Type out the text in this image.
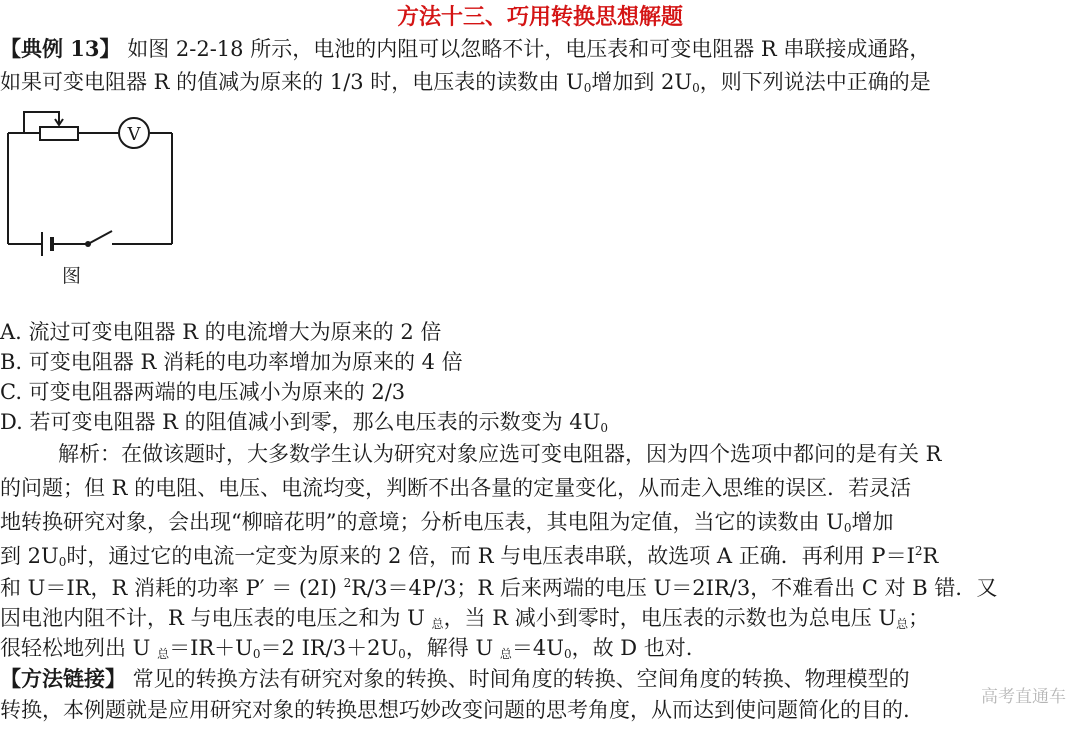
方法十三、巧用转换思想解题
【典例 13】 如图 2-2-18 所示，电池的内阻可以忽略不计，电压表和可变电阻器 R 串联接成通路，
如果可变电阻器 R 的值减为原来的 1/3 时，电压表的读数由 $U_0$增加到 $2U_0$，则下列说法中正确的是
V
图
A. 流过可变电阻器 R 的电流增大为原来的 2 倍
B. 可变电阻器 R 消耗的电功率增加为原来的 4 倍
C. 可变电阻器两端的电压减小为原来的 2/3
D. 若可变电阻器 R 的阻值减小到零，那么电压表的示数变为 $4U_0$
解析：在做该题时，大多数学生认为研究对象应选可变电阻器，因为四个选项中都问的是有关 R
的问题；但 R 的电阻、电压、电流均变，判断不出各量的定量变化，从而走入思维的误区．若灵活
地转换研究对象，会出现“柳暗花明”的意境；分析电压表，其电阻为定值，当它的读数由 $U_0$增加
到 $2U_0$时，通过它的电流一定变为原来的 2 倍，而 R 与电压表串联，故选项 A 正确．再利用 $P=I^2R$
和 U＝IR，R 消耗的功率 P′ ＝ (2I) $^2$R/3＝4P/3；R 后来两端的电压 U＝2IR/3，不难看出 C 对 B 错．又
因电池内阻不计，R 与电压表的电压之和为 U $_总$，当 R 减小到零时，电压表的示数也为总电压 $U_总$；
很轻松地列出 U $_总=IR+U_0=2$ $IR/3+2U_0$，解得 U $_总=4U_0$，故 D 也对.
【方法链接】 常见的转换方法有研究对象的转换、时间角度的转换、空间角度的转换、物理模型的
转换，本例题就是应用研究对象的转换思想巧妙改变问题的思考角度，从而达到使问题简化的目的.
高考直通车
